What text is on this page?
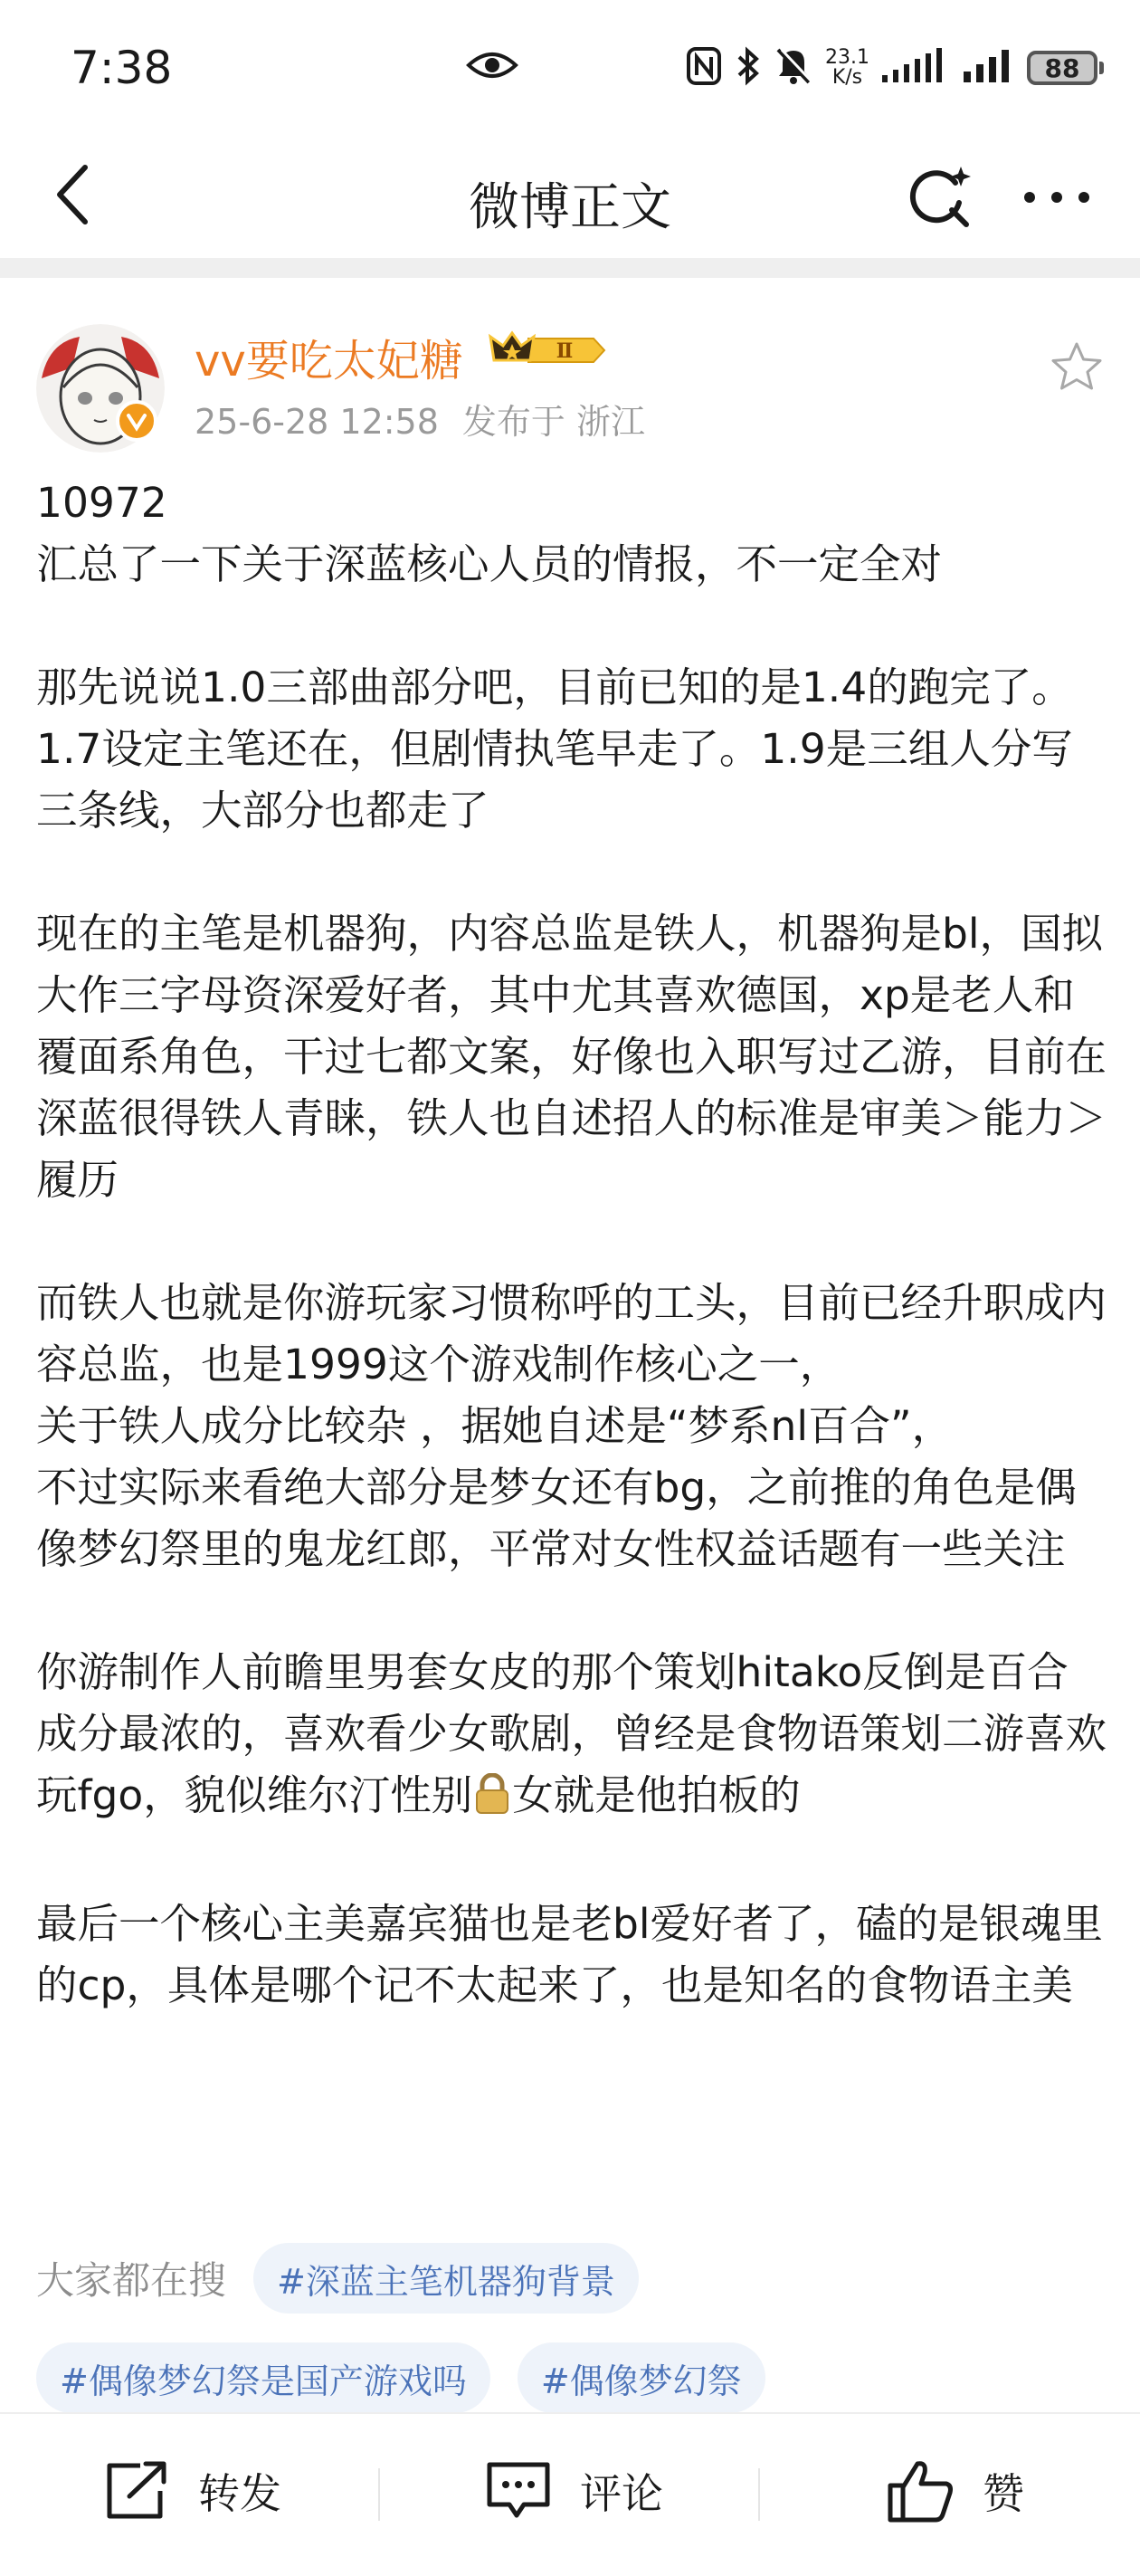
7:38	23.1
K/s	88
微博正文
vv要吃太妃糖	Ⅱ
25-6-28 12:58 发布于 浙江

10972
汇总了一下关于深蓝核心人员的情报，不一定全对

那先说说1.0三部曲部分吧，目前已知的是1.4的跑完了。1.7设定主笔还在，但剧情执笔早走了。1.9是三组人分写三条线，大部分也都走了

现在的主笔是机器狗，内容总监是铁人，机器狗是bl，国拟大作三字母资深爱好者，其中尤其喜欢德国，xp是老人和覆面系角色，干过七都文案，好像也入职写过乙游，目前在深蓝很得铁人青睐，铁人也自述招人的标准是审美＞能力＞履历

而铁人也就是你游玩家习惯称呼的工头，目前已经升职成内容总监，也是1999这个游戏制作核心之一，
关于铁人成分比较杂 ，据她自述是“梦系nl百合”，
不过实际来看绝大部分是梦女还有bg，之前推的角色是偶像梦幻祭里的鬼龙红郎，平常对女性权益话题有一些关注

你游制作人前瞻里男套女皮的那个策划hitako反倒是百合成分最浓的，喜欢看少女歌剧，曾经是食物语策划二游喜欢玩fgo，貌似维尔汀性别 女就是他拍板的

最后一个核心主美嘉宾猫也是老bl爱好者了，磕的是银魂里的cp，具体是哪个记不太起来了，也是知名的食物语主美

大家都在搜	#深蓝主笔机器狗背景
#偶像梦幻祭是国产游戏吗	#偶像梦幻祭
转发	评论	赞
